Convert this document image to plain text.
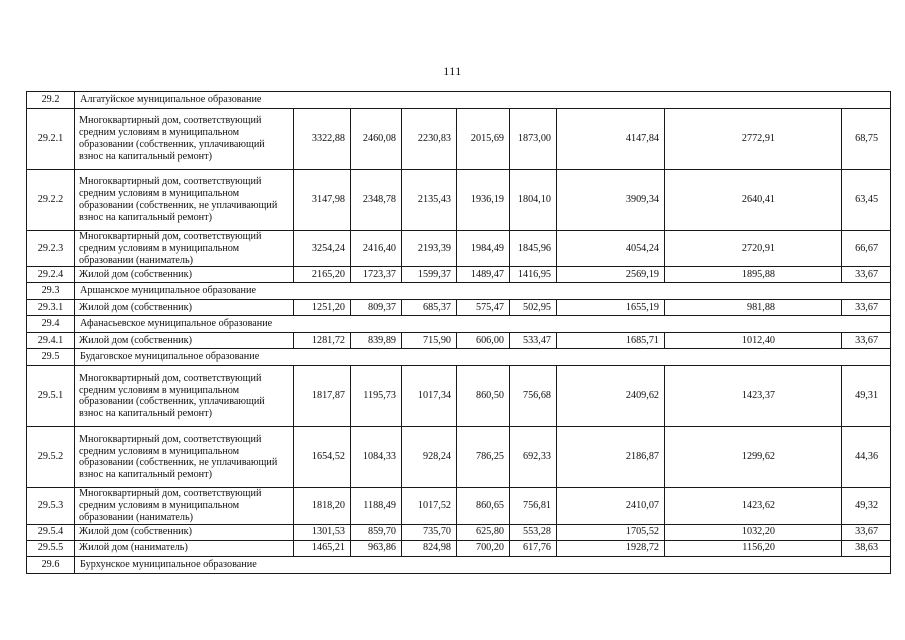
111
29.2	Алгатуйское муниципальное образование								
29.2.1	Многоквартирный дом, соответствующий средним условиям в муниципальном образовании (собственник, уплачивающий взнос на капитальный ремонт)	3322,88	2460,08	2230,83	2015,69	1873,00	4147,84	2772,91	68,75
29.2.2	Многоквартирный дом, соответствующий средним условиям в муниципальном образовании (собственник, не уплачивающий взнос на капитальный ремонт)	3147,98	2348,78	2135,43	1936,19	1804,10	3909,34	2640,41	63,45
29.2.3	Многоквартирный дом, соответствующий средним условиям в муниципальном образовании (наниматель)	3254,24	2416,40	2193,39	1984,49	1845,96	4054,24	2720,91	66,67
29.2.4	Жилой дом (собственник)	2165,20	1723,37	1599,37	1489,47	1416,95	2569,19	1895,88	33,67
29.3	Аршанское муниципальное образование								
29.3.1	Жилой дом (собственник)	1251,20	809,37	685,37	575,47	502,95	1655,19	981,88	33,67
29.4	Афанасьевское муниципальное образование								
29.4.1	Жилой дом (собственник)	1281,72	839,89	715,90	606,00	533,47	1685,71	1012,40	33,67
29.5	Будаговское муниципальное образование								
29.5.1	Многоквартирный дом, соответствующий средним условиям в муниципальном образовании (собственник, уплачивающий взнос на капитальный ремонт)	1817,87	1195,73	1017,34	860,50	756,68	2409,62	1423,37	49,31
29.5.2	Многоквартирный дом, соответствующий средним условиям в муниципальном образовании (собственник, не уплачивающий взнос на капитальный ремонт)	1654,52	1084,33	928,24	786,25	692,33	2186,87	1299,62	44,36
29.5.3	Многоквартирный дом, соответствующий средним условиям в муниципальном образовании (наниматель)	1818,20	1188,49	1017,52	860,65	756,81	2410,07	1423,62	49,32
29.5.4	Жилой дом (собственник)	1301,53	859,70	735,70	625,80	553,28	1705,52	1032,20	33,67
29.5.5	Жилой дом (наниматель)	1465,21	963,86	824,98	700,20	617,76	1928,72	1156,20	38,63
29.6	Бурхунское муниципальное образование								
